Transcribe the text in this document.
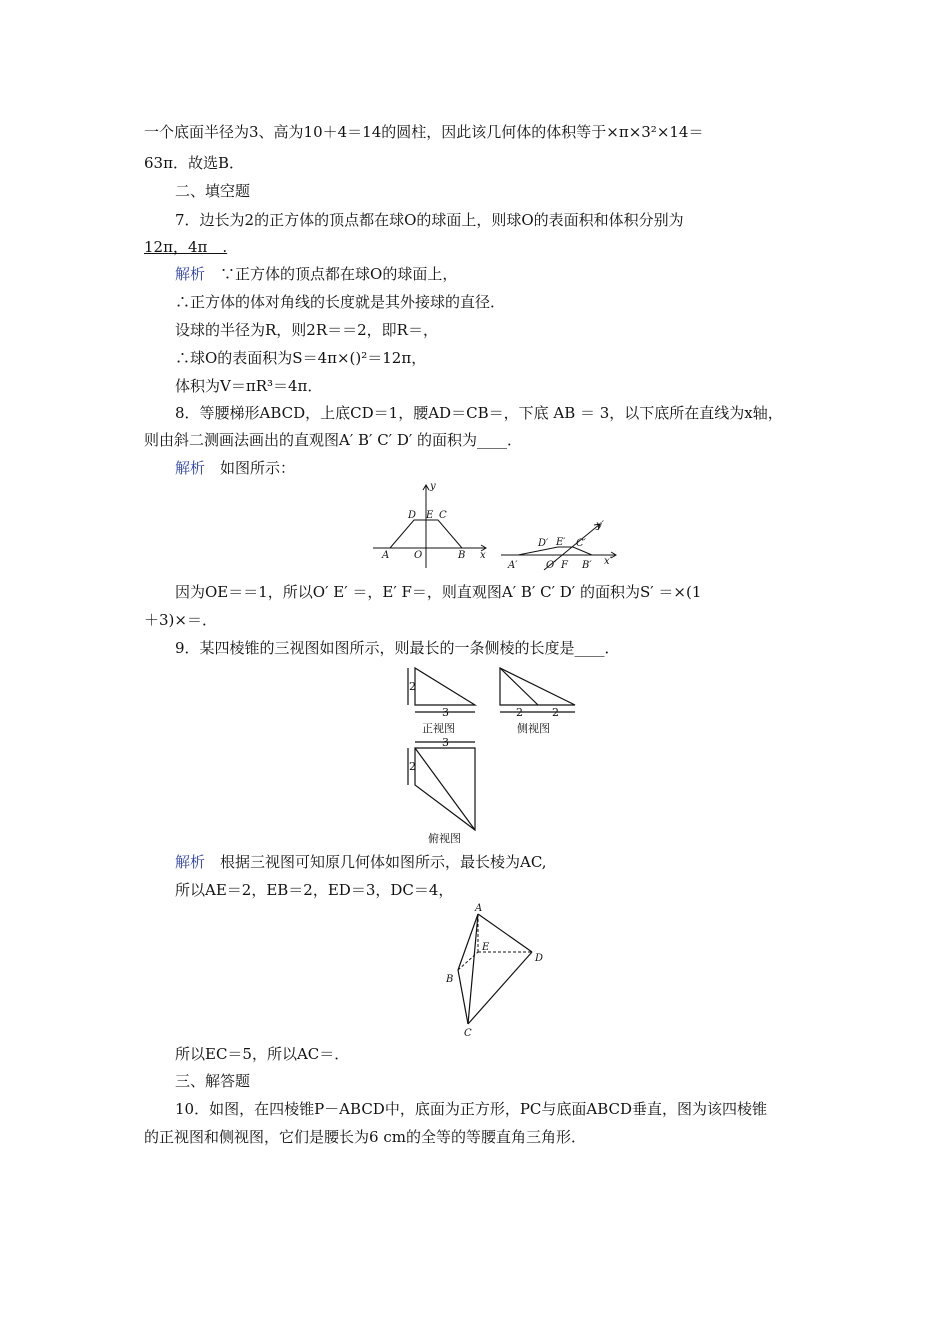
一个底面半径为3、高为10＋4＝14的圆柱，因此该几何体的体积等于×π×3²×14＝
63π．故选B．
二、填空题
7．边长为2的正方体的顶点都在球O的球面上，则球O的表面积和体积分别为
12π，4π　.
解析　 ∵正方体的顶点都在球O的球面上，
∴正方体的体对角线的长度就是其外接球的直径．
设球的半径为R，则2R＝＝2，即R＝，
∴球O的表面积为S＝4π×()²＝12π，
体积为V＝πR³＝4π．
8．等腰梯形ABCD，上底CD＝1，腰AD＝CB＝，下底 AB ＝ 3，以下底所在直线为x轴，
则由斜二测画法画出的直观图A′ B′ C′ D′ 的面积为____．
解析　 如图所示：
y
x
A	B
D E C
O
y′
x′
A′	B′
D′ E′ C′
O′ F
因为OE＝＝1，所以O′ E′ ＝，E′ F＝，则直观图A′ B′ C′ D′ 的面积为S′ ＝×(1
＋3)×＝．
9．某四棱锥的三视图如图所示，则最长的一条侧棱的长度是____．
2
3
正视图
2	2
侧视图
3
2
俯视图
解析　 根据三视图可知原几何体如图所示，最长棱为AC,
所以AE＝2，EB＝2，ED＝3，DC＝4，
A
B
C
D
E
所以EC＝5，所以AC＝．
三、解答题
10．如图，在四棱锥P－ABCD中，底面为正方形，PC与底面ABCD垂直，图为该四棱锥
的正视图和侧视图，它们是腰长为6 cm的全等的等腰直角三角形．
